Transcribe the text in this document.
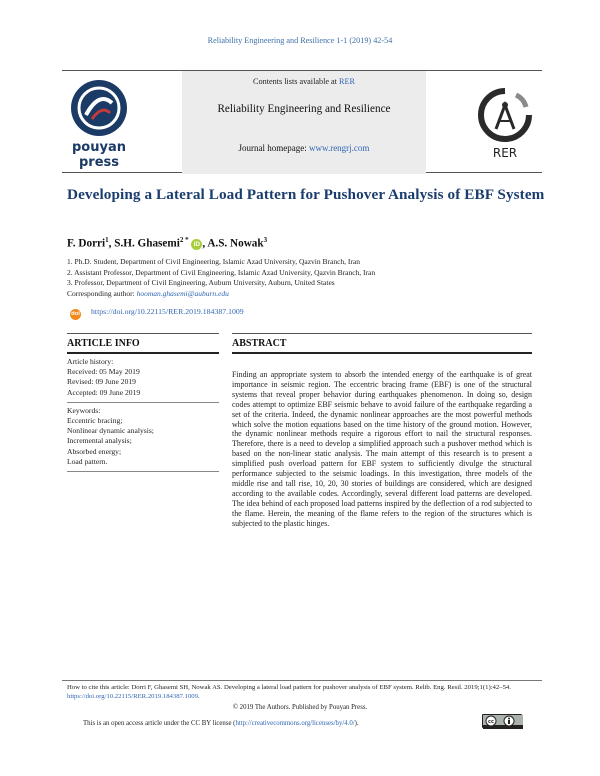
Reliability Engineering and Resilience 1-1 (2019) 42-54
pouyan
press
Contents lists available at RER
Reliability Engineering and Resilience
Journal homepage: www.rengrj.com	RER
Developing a Lateral Load Pattern for Pushover Analysis of EBF System
F. Dorri$^1$, S.H. Ghasemi$^{2 *}$ iD , A.S. Nowak$^3$
1. Ph.D. Student, Department of Civil Engineering, Islamic Azad University, Qazvin Branch, Iran
2. Assistant Professor, Department of Civil Engineering, Islamic Azad University, Qazvin Branch, Iran
3. Professor, Department of Civil Engineering, Auburn University, Auburn, United States
Corresponding author: hooman.ghasemi@auburn.edu
doi https://doi.org/10.22115/RER.2019.184387.1009
ARTICLE INFO
Article history:
Received: 05 May 2019
Revised: 09 June 2019
Accepted: 09 June 2019
Keywords:
Eccentric bracing;
Nonlinear dynamic analysis;
Incremental analysis;
Absorbed energy;
Load pattern.
ABSTRACT
Finding an appropriate system to absorb the intended energy of the earthquake is of great importance in seismic region. The eccentric bracing frame (EBF) is one of the structural systems that reveal proper behavior during earthquakes phenomenon. In doing so, design codes attempt to optimize EBF seismic behave to avoid failure of the earthquake regarding a set of the criteria. Indeed, the dynamic nonlinear approaches are the most powerful methods which solve the motion equations based on the time history of the ground motion. However, the dynamic nonlinear methods require a rigorous effort to nail the structural responses. Therefore, there is a need to develop a simplified approach such a pushover method which is based on the non-linear static analysis. The main attempt of this research is to present a simplified push overload pattern for EBF system to sufficiently divulge the structural performance subjected to the seismic loadings. In this investigation, three models of the middle rise and tall rise, 10, 20, 30 stories of buildings are considered, which are designed according to the available codes. Accordingly, several different load patterns are developed. The idea behind of each proposed load patterns inspired by the deflection of a rod subjected to the flame. Herein, the meaning of the flame refers to the region of the structures which is subjected to the plastic hinges.
How to cite this article: Dorri F, Ghasemi SH, Nowak AS. Developing a lateral load pattern for pushover analysis of EBF system. Relib. Eng. Resil. 2019;1(1):42–54. https://doi.org/10.22115/RER.2019.184387.1009.
© 2019 The Authors. Published by Pouyan Press.
This is an open access article under the CC BY license (http://creativecommons.org/licenses/by/4.0/).	cc
